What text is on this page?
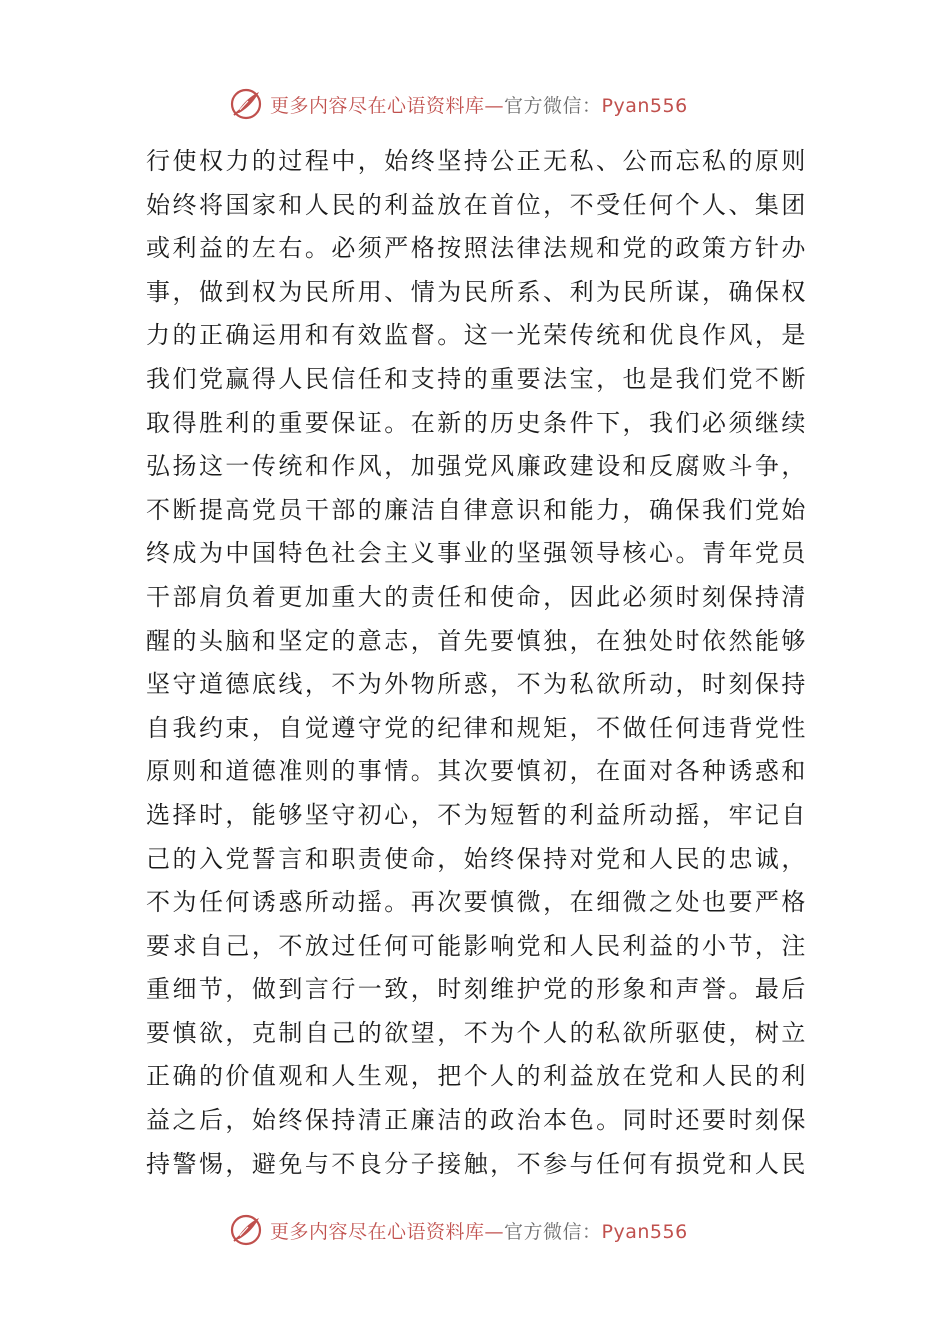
更多内容尽在心语资料库—官方微信：Pyan556
行使权力的过程中，始终坚持公正无私、公而忘私的原则
始终将国家和人民的利益放在首位，不受任何个人、集团
或利益的左右。必须严格按照法律法规和党的政策方针办
事，做到权为民所用、情为民所系、利为民所谋，确保权
力的正确运用和有效监督。这一光荣传统和优良作风，是
我们党赢得人民信任和支持的重要法宝，也是我们党不断
取得胜利的重要保证。在新的历史条件下，我们必须继续
弘扬这一传统和作风，加强党风廉政建设和反腐败斗争，
不断提高党员干部的廉洁自律意识和能力，确保我们党始
终成为中国特色社会主义事业的坚强领导核心。青年党员
干部肩负着更加重大的责任和使命，因此必须时刻保持清
醒的头脑和坚定的意志，首先要慎独，在独处时依然能够
坚守道德底线，不为外物所惑，不为私欲所动，时刻保持
自我约束，自觉遵守党的纪律和规矩，不做任何违背党性
原则和道德准则的事情。其次要慎初，在面对各种诱惑和
选择时，能够坚守初心，不为短暂的利益所动摇，牢记自
己的入党誓言和职责使命，始终保持对党和人民的忠诚，
不为任何诱惑所动摇。再次要慎微，在细微之处也要严格
要求自己，不放过任何可能影响党和人民利益的小节，注
重细节，做到言行一致，时刻维护党的形象和声誉。最后
要慎欲，克制自己的欲望，不为个人的私欲所驱使，树立
正确的价值观和人生观，把个人的利益放在党和人民的利
益之后，始终保持清正廉洁的政治本色。同时还要时刻保
持警惕，避免与不良分子接触，不参与任何有损党和人民
更多内容尽在心语资料库—官方微信：Pyan556
